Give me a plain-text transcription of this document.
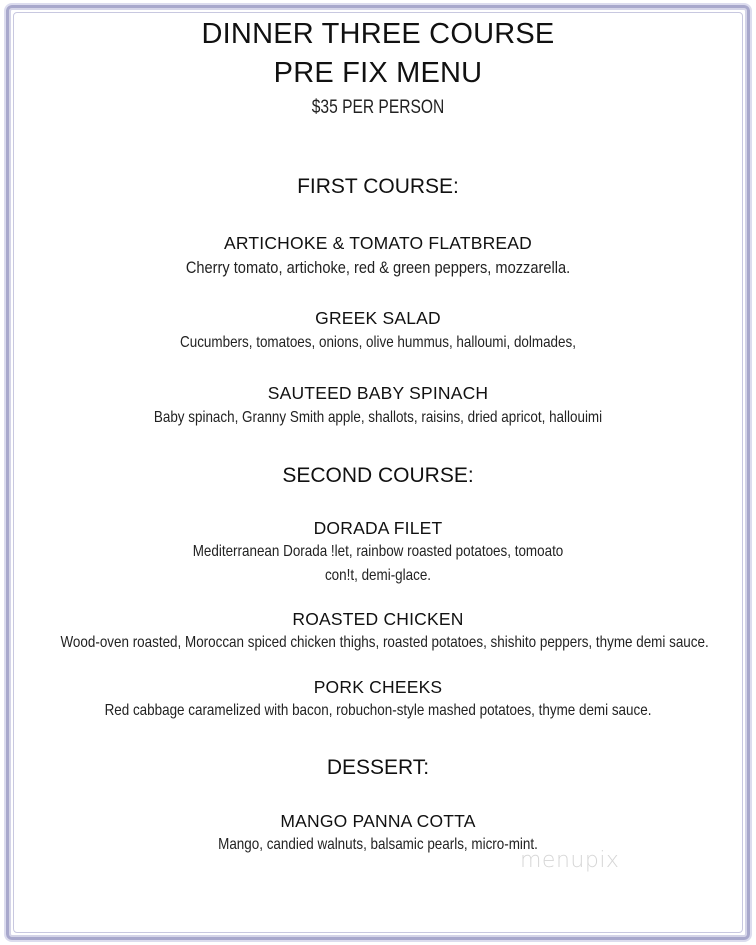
DINNER THREE COURSE
PRE FIX MENU
$35 PER PERSON
FIRST COURSE:
ARTICHOKE & TOMATO FLATBREAD
Cherry tomato, artichoke, red & green peppers, mozzarella.
GREEK SALAD
Cucumbers, tomatoes, onions, olive hummus, halloumi, dolmades,
SAUTEED BABY SPINACH
Baby spinach, Granny Smith apple, shallots, raisins, dried apricot, hallouimi
SECOND COURSE:
DORADA FILET
Mediterranean Dorada !let, rainbow roasted potatoes, tomoato
con!t, demi-glace.
ROASTED CHICKEN
Wood-oven roasted, Moroccan spiced chicken thighs, roasted potatoes, shishito peppers, thyme demi sauce.
PORK CHEEKS
Red cabbage caramelized with bacon, robuchon-style mashed potatoes, thyme demi sauce.
DESSERT:
MANGO PANNA COTTA
Mango, candied walnuts, balsamic pearls, micro-mint.
menupix
